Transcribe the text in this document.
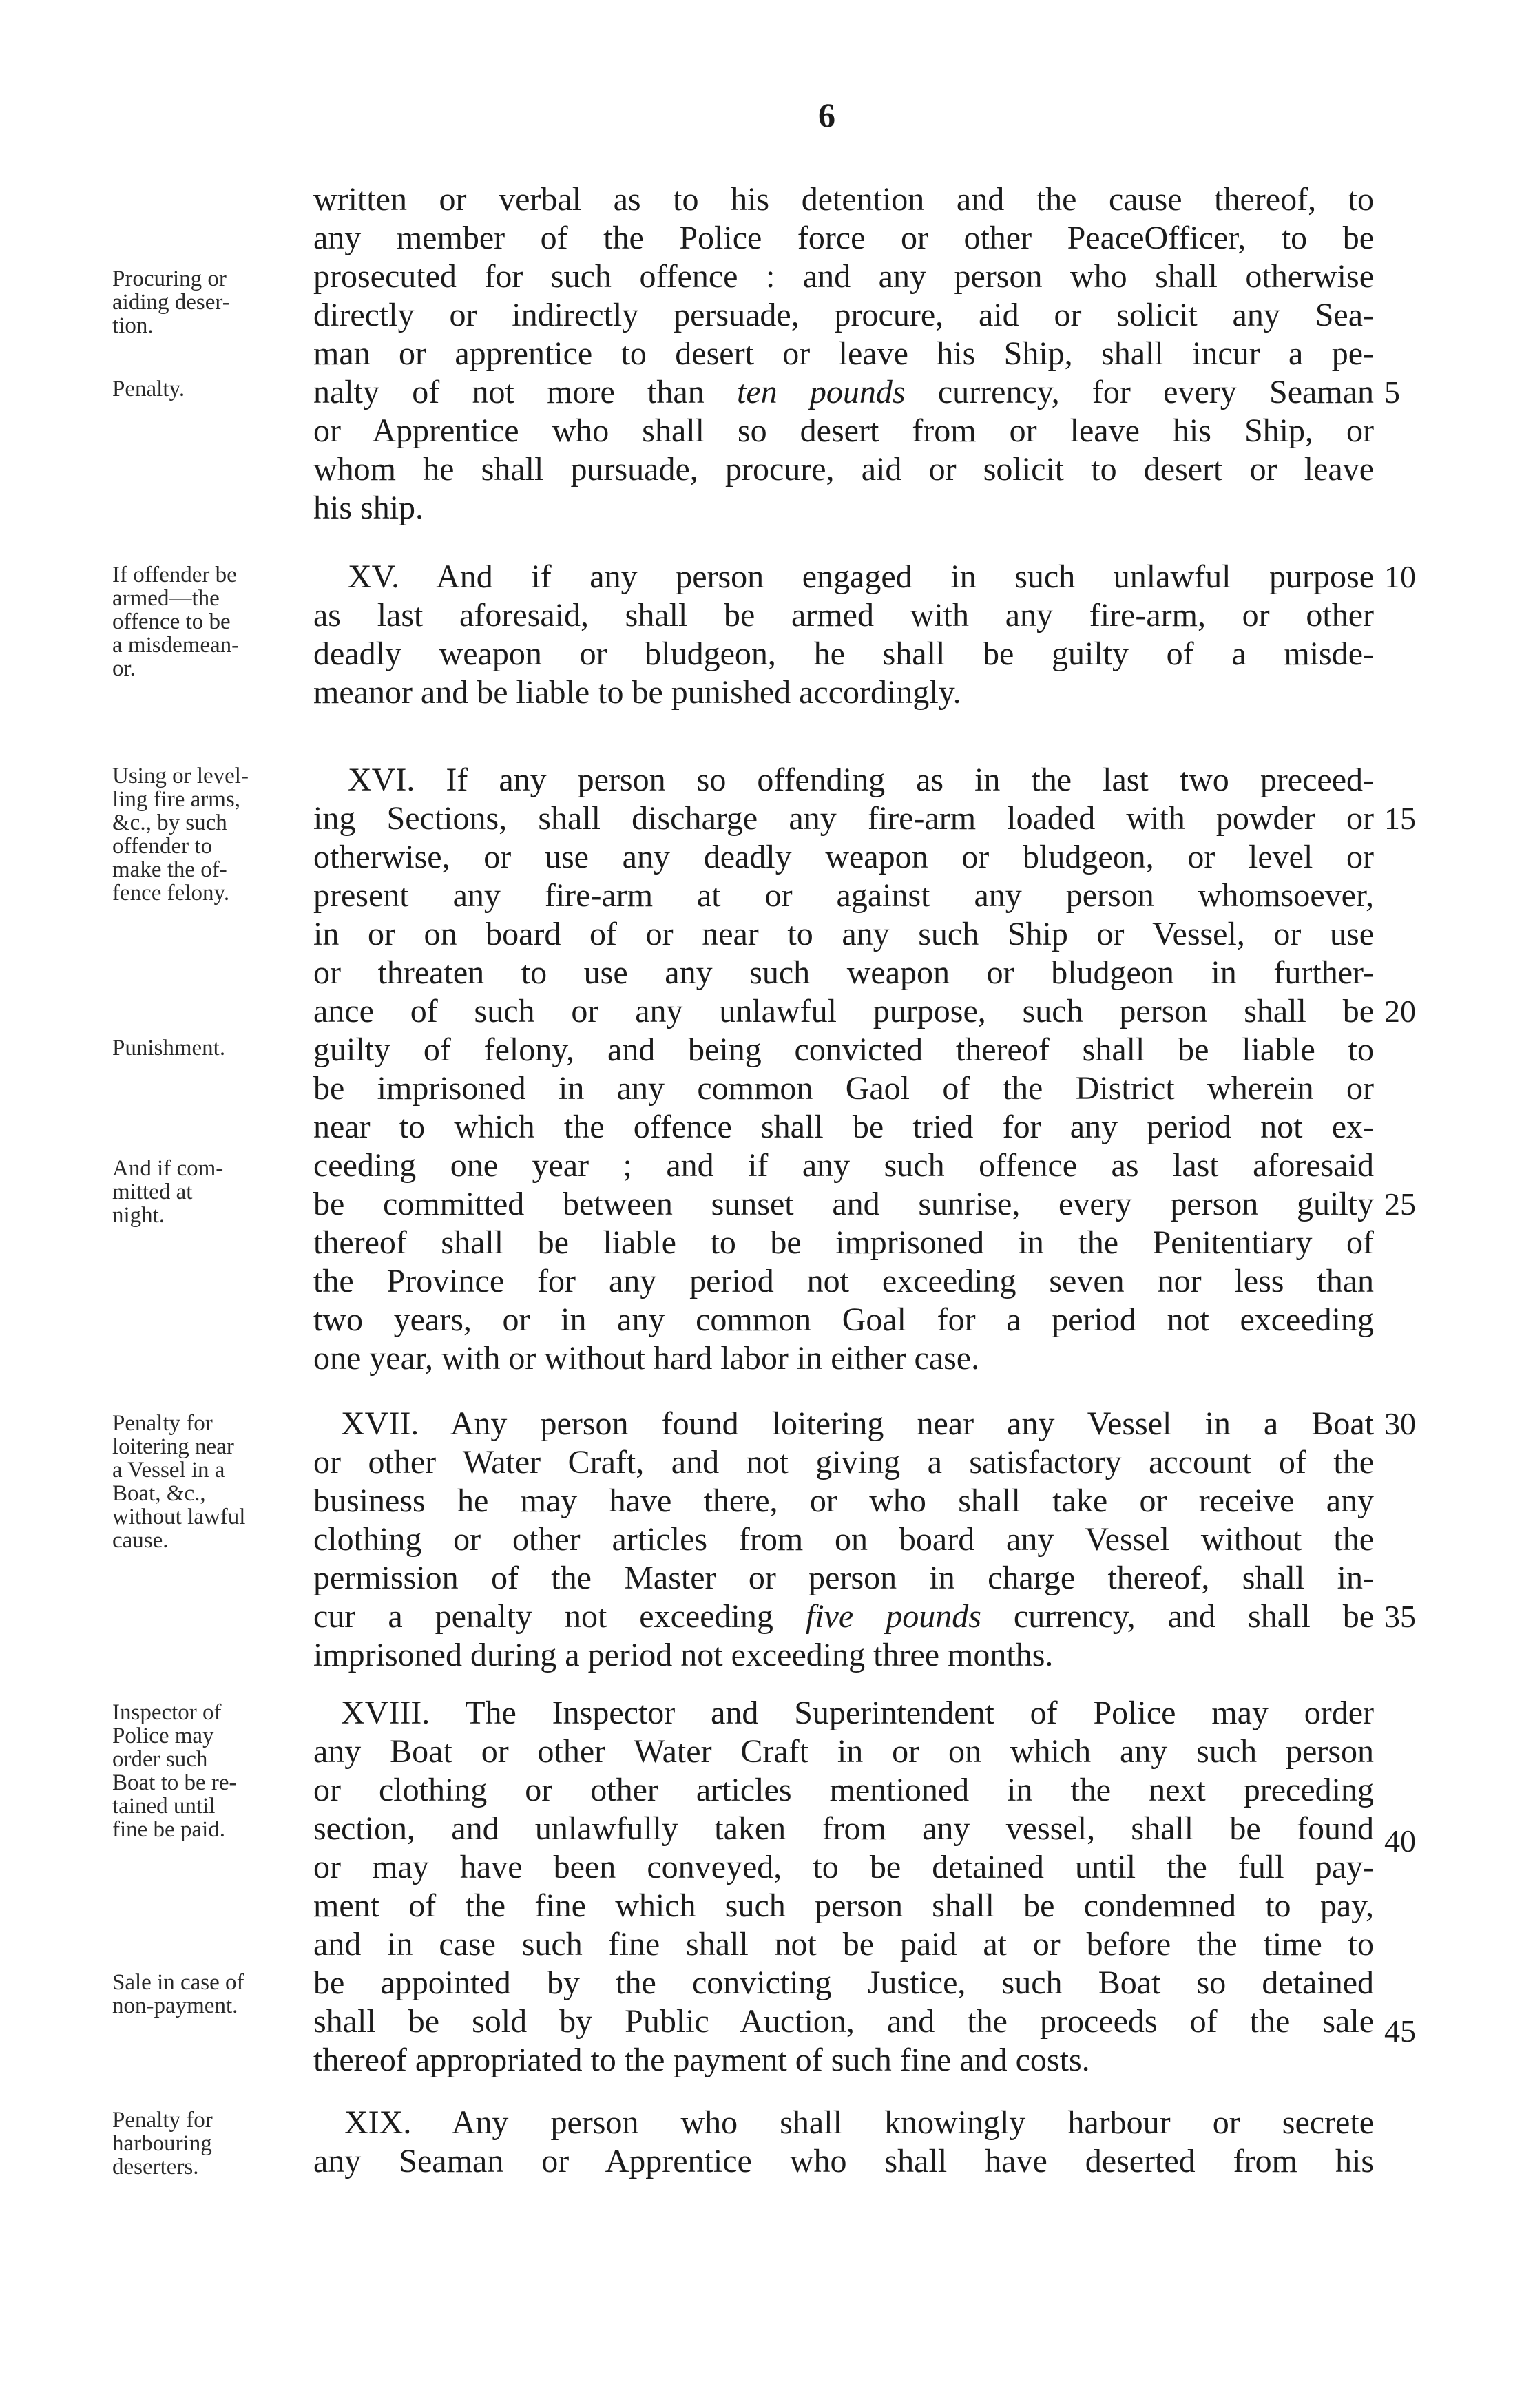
6
written or verbal as to his detention and the cause thereof, to
any member of the Police force or other PeaceOfficer, to be
prosecuted for such offence : and any person who shall otherwise
directly or indirectly persuade, procure, aid or solicit any Sea-
man or apprentice to desert or leave his Ship, shall incur a pe-
nalty of not more than ten pounds currency, for every Seaman
or Apprentice who shall so desert from or leave his Ship, or
whom he shall pursuade, procure, aid or solicit to desert or leave
his ship.
XV. And if any person engaged in such unlawful purpose
as last aforesaid, shall be armed with any fire-arm, or other
deadly weapon or bludgeon, he shall be guilty of a misde-
meanor and be liable to be punished accordingly.
XVI. If any person so offending as in the last two preceed-
ing Sections, shall discharge any fire-arm loaded with powder or
otherwise, or use any deadly weapon or bludgeon, or level or
present any fire-arm at or against any person whomsoever,
in or on board of or near to any such Ship or Vessel, or use
or threaten to use any such weapon or bludgeon in further-
ance of such or any unlawful purpose, such person shall be
guilty of felony, and being convicted thereof shall be liable to
be imprisoned in any common Gaol of the District wherein or
near to which the offence shall be tried for any period not ex-
ceeding one year ; and if any such offence as last aforesaid
be committed between sunset and sunrise, every person guilty
thereof shall be liable to be imprisoned in the Penitentiary of
the Province for any period not exceeding seven nor less than
two years, or in any common Goal for a period not exceeding
one year, with or without hard labor in either case.
XVII. Any person found loitering near any Vessel in a Boat
or other Water Craft, and not giving a satisfactory account of the
business he may have there, or who shall take or receive any
clothing or other articles from on board any Vessel without the
permission of the Master or person in charge thereof, shall in-
cur a penalty not exceeding five pounds currency, and shall be
imprisoned during a period not exceeding three months.
XVIII. The Inspector and Superintendent of Police may order
any Boat or other Water Craft in or on which any such person
or clothing or other articles mentioned in the next preceding
section, and unlawfully taken from any vessel, shall be found
or may have been conveyed, to be detained until the full pay-
ment of the fine which such person shall be condemned to pay,
and in case such fine shall not be paid at or before the time to
be appointed by the convicting Justice, such Boat so detained
shall be sold by Public Auction, and the proceeds of the sale
thereof appropriated to the payment of such fine and costs.
XIX. Any person who shall knowingly harbour or secrete
any Seaman or Apprentice who shall have deserted from his
5
10
15
20
25
30
35
40
45
Procuring or
aiding deser-
tion.
Penalty.
If offender be
armed—the
offence to be
a misdemean-
or.
Using or level-
ling fire arms,
&c., by such
offender to
make the of-
fence felony.
Punishment.
And if com-
mitted at
night.
Penalty for
loitering near
a Vessel in a
Boat, &c.,
without lawful
cause.
Inspector of
Police may
order such
Boat to be re-
tained until
fine be paid.
Sale in case of
non-payment.
Penalty for
harbouring
deserters.
